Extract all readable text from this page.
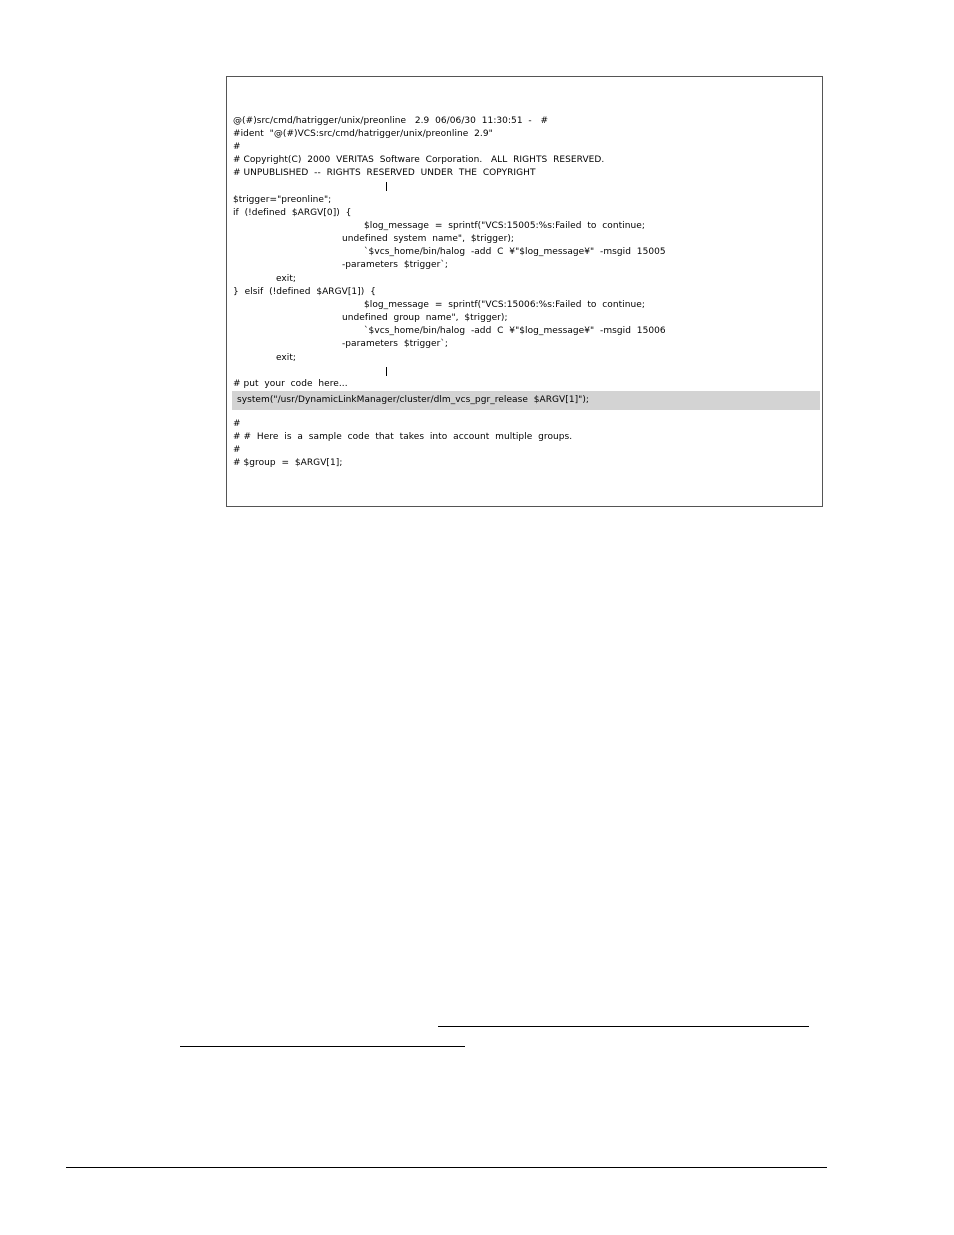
@(#)src/cmd/hatrigger/unix/preonline   2.9  06/06/30  11:30:51  -   #
#ident  "@(#)VCS:src/cmd/hatrigger/unix/preonline  2.9"
#
# Copyright(C)  2000  VERITAS  Software  Corporation.   ALL  RIGHTS  RESERVED.
# UNPUBLISHED  --  RIGHTS  RESERVED  UNDER  THE  COPYRIGHT
$trigger="preonline";
if  (!defined  $ARGV[0])  {
$log_message  =  sprintf("VCS:15005:%s:Failed  to  continue;
undefined  system  name",  $trigger);
`$vcs_home/bin/halog  -add  C  ¥"$log_message¥"  -msgid  15005
-parameters  $trigger`;
exit;
}  elsif  (!defined  $ARGV[1])  {
$log_message  =  sprintf("VCS:15006:%s:Failed  to  continue;
undefined  group  name",  $trigger);
`$vcs_home/bin/halog  -add  C  ¥"$log_message¥"  -msgid  15006
-parameters  $trigger`;
exit;
# put  your  code  here...
system("/usr/DynamicLinkManager/cluster/dlm_vcs_pgr_release  $ARGV[1]");
#
# #  Here  is  a  sample  code  that  takes  into  account  multiple  groups.
#
# $group  =  $ARGV[1];
